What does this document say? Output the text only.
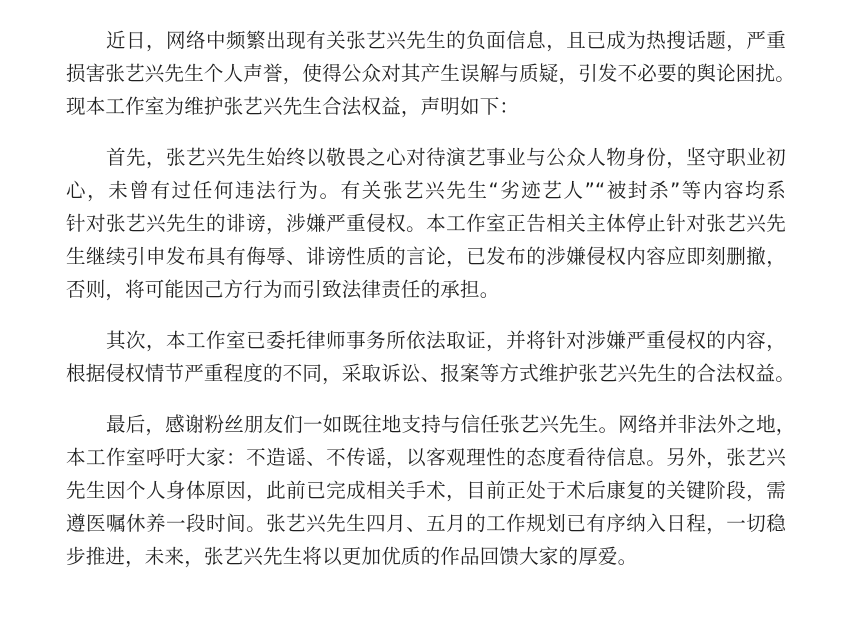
近日，网络中频繁出现有关张艺兴先生的负面信息，且已成为热搜话题，严重
损害张艺兴先生个人声誉，使得公众对其产生误解与质疑，引发不必要的舆论困扰。
现本工作室为维护张艺兴先生合法权益，声明如下：
首先，张艺兴先生始终以敬畏之心对待演艺事业与公众人物身份，坚守职业初
心，未曾有过任何违法行为。有关张艺兴先生“劣迹艺人”“被封杀”等内容均系
针对张艺兴先生的诽谤，涉嫌严重侵权。本工作室正告相关主体停止针对张艺兴先
生继续引申发布具有侮辱、诽谤性质的言论，已发布的涉嫌侵权内容应即刻删撤，
否则，将可能因己方行为而引致法律责任的承担。
其次，本工作室已委托律师事务所依法取证，并将针对涉嫌严重侵权的内容，
根据侵权情节严重程度的不同，采取诉讼、报案等方式维护张艺兴先生的合法权益。
最后，感谢粉丝朋友们一如既往地支持与信任张艺兴先生。网络并非法外之地，
本工作室呼吁大家：不造谣、不传谣，以客观理性的态度看待信息。另外，张艺兴
先生因个人身体原因，此前已完成相关手术，目前正处于术后康复的关键阶段，需
遵医嘱休养一段时间。张艺兴先生四月、五月的工作规划已有序纳入日程，一切稳
步推进，未来，张艺兴先生将以更加优质的作品回馈大家的厚爱。
